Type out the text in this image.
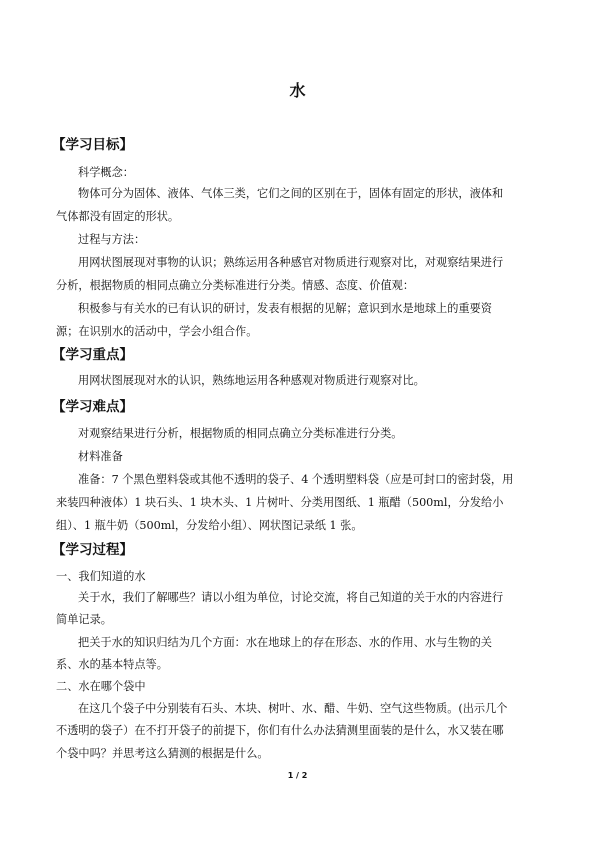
水
【学习目标】
科学概念：
物体可分为固体、液体、气体三类，它们之间的区别在于，固体有固定的形状，液体和
气体都没有固定的形状。
过程与方法：
用网状图展现对事物的认识；熟练运用各种感官对物质进行观察对比，对观察结果进行
分析，根据物质的相同点确立分类标准进行分类。情感、态度、价值观：
积极参与有关水的已有认识的研讨，发表有根据的见解；意识到水是地球上的重要资
源；在识别水的活动中，学会小组合作。
【学习重点】
用网状图展现对水的认识，熟练地运用各种感观对物质进行观察对比。
【学习难点】
对观察结果进行分析，根据物质的相同点确立分类标准进行分类。
材料准备
准备：7 个黑色塑料袋或其他不透明的袋子、4 个透明塑料袋（应是可封口的密封袋，用
来装四种液体）1 块石头、1 块木头、1 片树叶、分类用图纸、1 瓶醋（500ml，分发给小
组）、1 瓶牛奶（500ml，分发给小组）、网状图记录纸 1 张。
【学习过程】
一、我们知道的水
关于水，我们了解哪些？请以小组为单位，讨论交流，将自己知道的关于水的内容进行
简单记录。
把关于水的知识归结为几个方面：水在地球上的存在形态、水的作用、水与生物的关
系、水的基本特点等。
二、水在哪个袋中
在这几个袋子中分别装有石头、木块、树叶、水、醋、牛奶、空气这些物质。(出示几个
不透明的袋子）在不打开袋子的前提下，你们有什么办法猜测里面装的是什么，水又装在哪
个袋中吗？并思考这么猜测的根据是什么。
1 / 2
